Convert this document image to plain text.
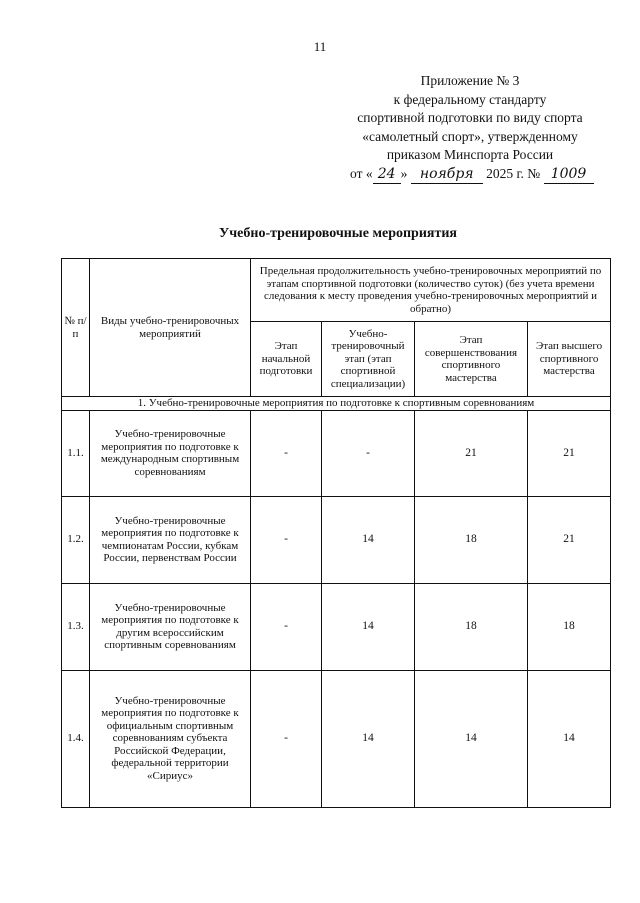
11
Приложение № 3
к федеральному стандарту
спортивной подготовки по виду спорта
«самолетный спорт», утвержденному
приказом Минспорта России
от « 24 » ноября 2025 г. № 1009
Учебно-тренировочные мероприятия
№ п/п	Виды учебно-тренировочных мероприятий	Предельная продолжительность учебно-тренировочных мероприятий по этапам спортивной подготовки (количество суток) (без учета времени следования к месту проведения учебно-тренировочных мероприятий и обратно)			
		Этап начальной подготовки	Учебно-тренировочный этап (этап спортивной специализации)	Этап совершенствования спортивного мастерства	Этап высшего спортивного мастерства
1. Учебно-тренировочные мероприятия по подготовке к спортивным соревнованиям					
1.1.	Учебно-тренировочные мероприятия по подготовке к международным спортивным соревнованиям	-	-	21	21
1.2.	Учебно-тренировочные мероприятия по подготовке к чемпионатам России, кубкам России, первенствам России	-	14	18	21
1.3.	Учебно-тренировочные мероприятия по подготовке к другим всероссийским спортивным соревнованиям	-	14	18	18
1.4.	Учебно-тренировочные мероприятия по подготовке к официальным спортивным соревнованиям субъекта Российской Федерации, федеральной территории «Сириус»	-	14	14	14
